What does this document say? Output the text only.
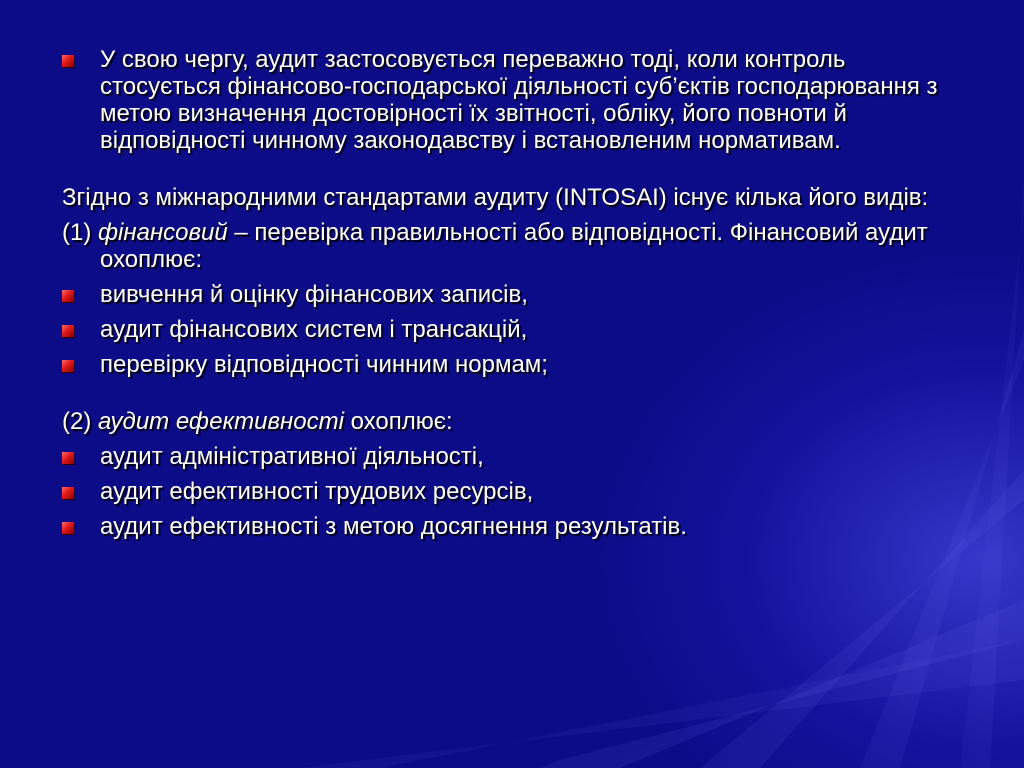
У свою чергу, аудит застосовується переважно тоді, коли контроль стосується фінансово-господарської діяльності суб’єктів господарювання з метою визначення достовірності їх звітності, обліку, його повноти й відповідності чинному законодавству і встановленим нормативам.
Згідно з міжнародними стандартами аудиту (INTOSAI) існує кілька його видів:
(1) фінансовий – перевірка правильності або відповідності. Фінансовий аудит охоплює:
вивчення й оцінку фінансових записів,
аудит фінансових систем і трансакцій,
перевірку відповідності чинним нормам;
(2) аудит ефективності охоплює:
аудит адміністративної діяльності,
аудит ефективності трудових ресурсів,
аудит ефективності з метою досягнення результатів.
